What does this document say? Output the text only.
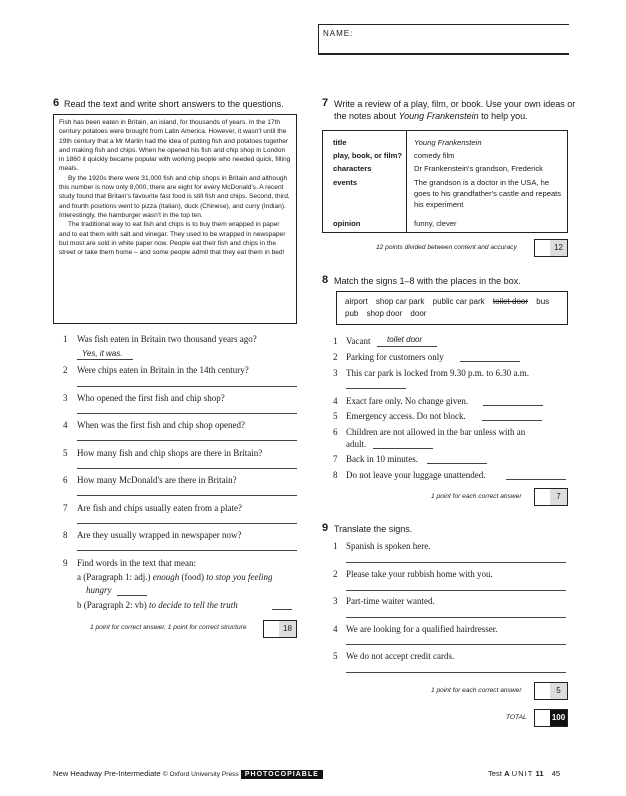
NAME:
6 Read the text and write short answers to the questions.

Fish has been eaten in Britain, an island, for thousands of years. In the 17th century potatoes were brought from Latin America. However, it wasn't until the 19th century that a Mr Marlin had the idea of putting fish and potatoes together and making fish and chips. When he opened his fish and chip shop in London in 1860 it quickly became popular with working people who needed quick, filling meals.

By the 1920s there were 31,000 fish and chip shops in Britain and although this number is now only 8,000, there are eight for every McDonald's. A recent study found that Britain's favourite fast food is still fish and chips. Second, third, and fourth positions went to pizza (Italian), duck (Chinese), and curry (Indian). Interestingly, the hamburger wasn't in the top ten.

The traditional way to eat fish and chips is to buy them wrapped in paper and to eat them with salt and vinegar. They used to be wrapped in newspaper but most are sold in white paper now. People eat their fish and chips in the street or take them home – and some people admit that they eat them in bed!

1 Was fish eaten in Britain two thousand years ago?
Yes, it was.
2 Were chips eaten in Britain in the 14th century?
3 Who opened the first fish and chip shop?
4 When was the first fish and chip shop opened?
5 How many fish and chip shops are there in Britain?
6 How many McDonald's are there in Britain?
7 Are fish and chips usually eaten from a plate?
8 Are they usually wrapped in newspaper now?
9 Find words in the text that mean:
a (Paragraph 1: adj.) enough (food) to stop you feeling
hungry
b (Paragraph 2: vb) to decide to tell the truth
1 point for correct answer, 1 point for correct structure	18
7 Write a review of a play, film, or book. Use your own ideas or
the notes about Young Frankenstein to help you.
title	Young Frankenstein
play, book, or film? comedy film
characters	Dr Frankenstein's grandson, Frederick
events	The grandson is a doctor in the USA, he
goes to his grandfather's castle and repeats
his experiment
opinion	funny, clever
12 points divided between content and accuracy	12
8 Match the signs 1–8 with the places in the box.
airport shop car park public car park toilet door bus
pub shop door door
1 Vacant toilet door
2 Parking for customers only
3 This car park is locked from 9.30 p.m. to 6.30 a.m.
4 Exact fare only. No change given.
5 Emergency access. Do not block.
6 Children are not allowed in the bar unless with an
adult.
7 Back in 10 minutes.
8 Do not leave your luggage unattended.
1 point for each correct answer	7
9 Translate the signs.
1 Spanish is spoken here.
2 Please take your rubbish home with you.
3 Part-time waiter wanted.
4 We are looking for a qualified hairdresser.
5 We do not accept credit cards.
1 point for each correct answer	5
TOTAL	100
New Headway Pre-Intermediate © Oxford University Press PHOTOCOPIABLE	Test A UNIT 11 45
